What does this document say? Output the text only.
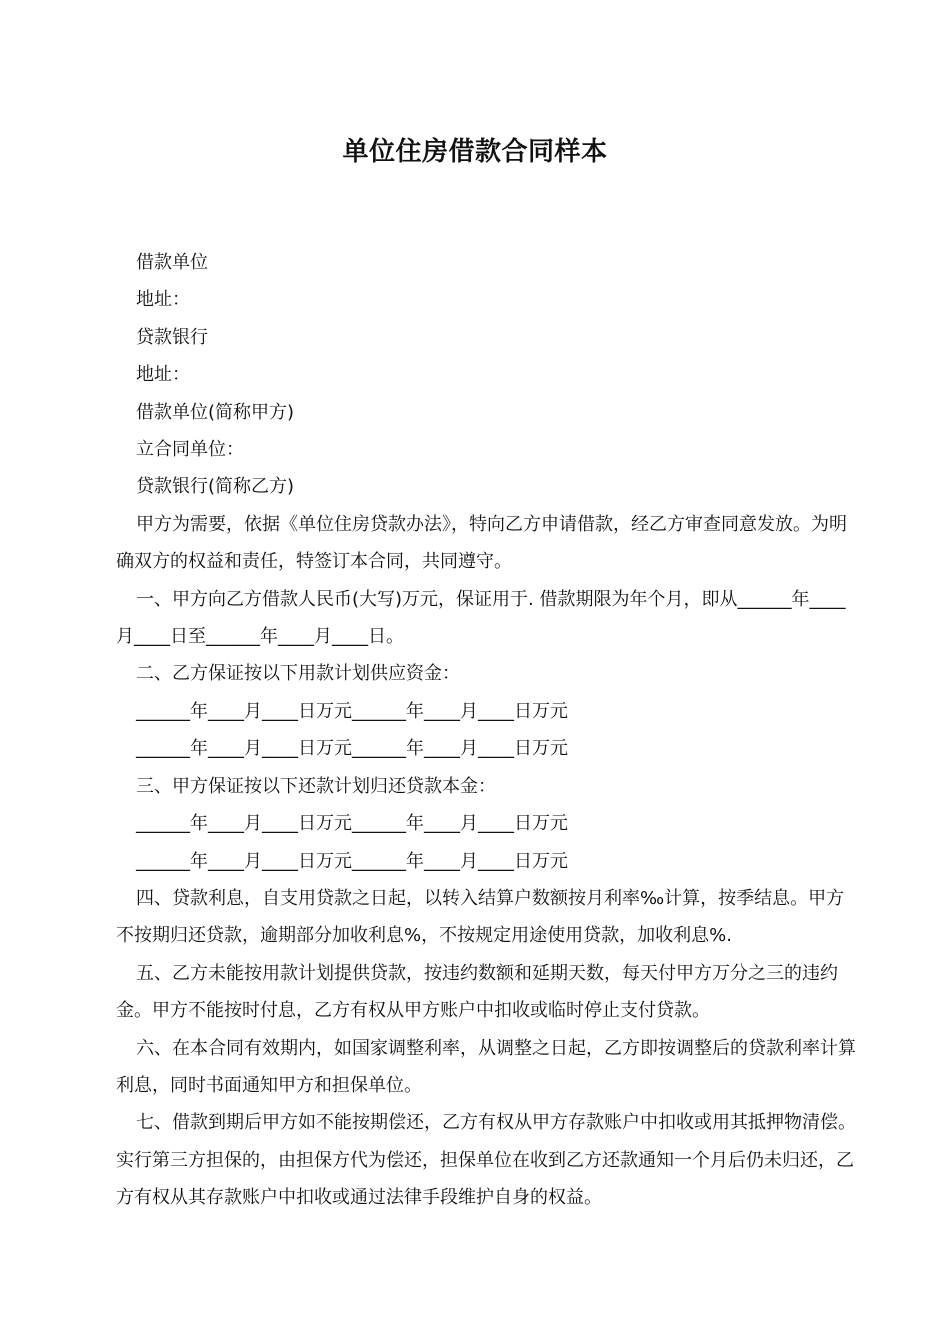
单位住房借款合同样本

借款单位

地址：

贷款银行

地址：

借款单位(简称甲方)

立合同单位：

贷款银行(简称乙方)

甲方为需要，依据《单位住房贷款办法》，特向乙方申请借款，经乙方审查同意发放。为明确双方的权益和责任，特签订本合同，共同遵守。

一、甲方向乙方借款人民币(大写)万元，保证用于. 借款期限为年个月，即从______年____月____日至______年____月____日。

二、乙方保证按以下用款计划供应资金：

______年____月____日万元______年____月____日万元

______年____月____日万元______年____月____日万元

三、甲方保证按以下还款计划归还贷款本金：

______年____月____日万元______年____月____日万元

______年____月____日万元______年____月____日万元

四、贷款利息，自支用贷款之日起，以转入结算户数额按月利率‰计算，按季结息。甲方不按期归还贷款，逾期部分加收利息%，不按规定用途使用贷款，加收利息%.

五、乙方未能按用款计划提供贷款，按违约数额和延期天数，每天付甲方万分之三的违约金。甲方不能按时付息，乙方有权从甲方账户中扣收或临时停止支付贷款。

六、在本合同有效期内，如国家调整利率，从调整之日起，乙方即按调整后的贷款利率计算利息，同时书面通知甲方和担保单位。

七、借款到期后甲方如不能按期偿还，乙方有权从甲方存款账户中扣收或用其抵押物清偿。实行第三方担保的，由担保方代为偿还，担保单位在收到乙方还款通知一个月后仍未归还，乙方有权从其存款账户中扣收或通过法律手段维护自身的权益。
